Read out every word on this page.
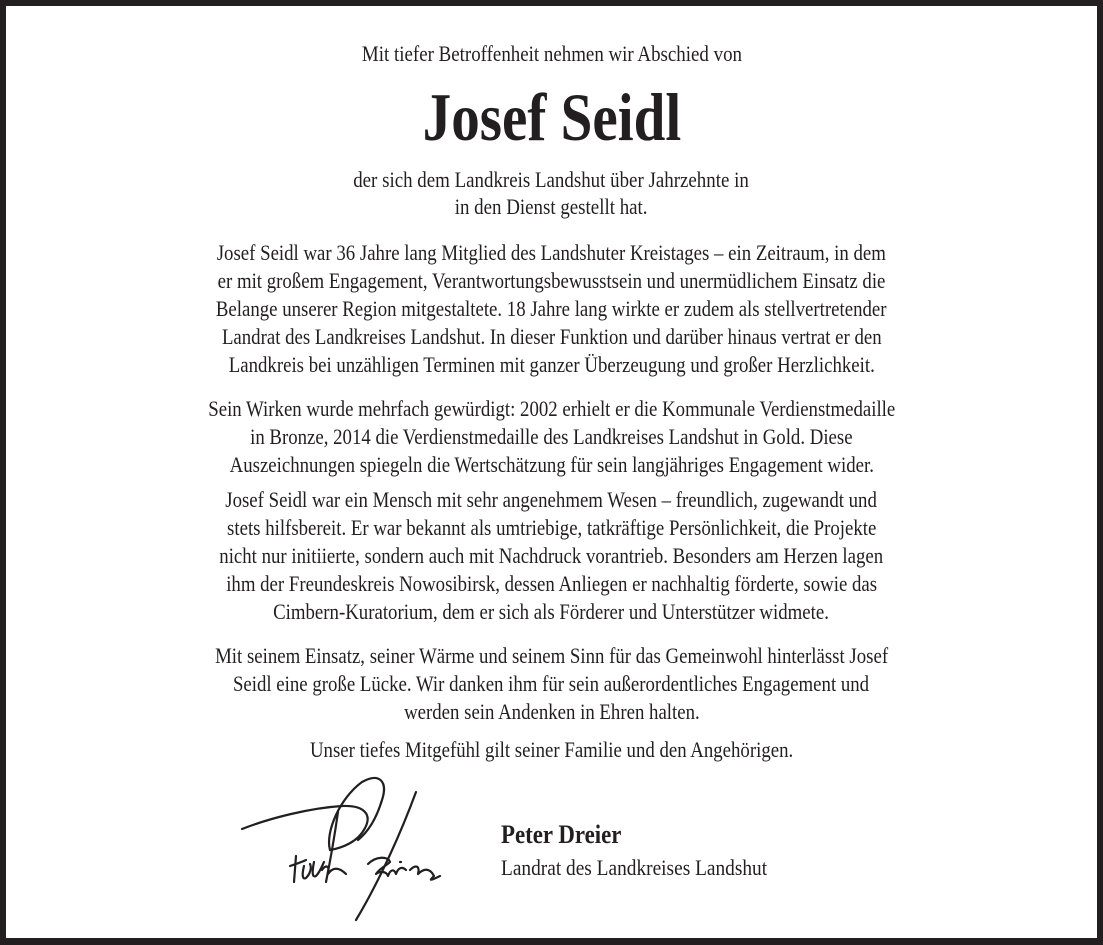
Mit tiefer Betroffenheit nehmen wir Abschied von
Josef Seidl
der sich dem Landkreis Landshut über Jahrzehnte in
in den Dienst gestellt hat.
Josef Seidl war 36 Jahre lang Mitglied des Landshuter Kreistages – ein Zeitraum, in dem
er mit großem Engagement, Verantwortungsbewusstsein und unermüdlichem Einsatz die
Belange unserer Region mitgestaltete. 18 Jahre lang wirkte er zudem als stellvertretender
Landrat des Landkreises Landshut. In dieser Funktion und darüber hinaus vertrat er den
Landkreis bei unzähligen Terminen mit ganzer Überzeugung und großer Herzlichkeit.
Sein Wirken wurde mehrfach gewürdigt: 2002 erhielt er die Kommunale Verdienstmedaille
in Bronze, 2014 die Verdienstmedaille des Landkreises Landshut in Gold. Diese
Auszeichnungen spiegeln die Wertschätzung für sein langjähriges Engagement wider.
Josef Seidl war ein Mensch mit sehr angenehmem Wesen – freundlich, zugewandt und
stets hilfsbereit. Er war bekannt als umtriebige, tatkräftige Persönlichkeit, die Projekte
nicht nur initiierte, sondern auch mit Nachdruck vorantrieb. Besonders am Herzen lagen
ihm der Freundeskreis Nowosibirsk, dessen Anliegen er nachhaltig förderte, sowie das
Cimbern-Kuratorium, dem er sich als Förderer und Unterstützer widmete.
Mit seinem Einsatz, seiner Wärme und seinem Sinn für das Gemeinwohl hinterlässt Josef
Seidl eine große Lücke. Wir danken ihm für sein außerordentliches Engagement und
werden sein Andenken in Ehren halten.
Unser tiefes Mitgefühl gilt seiner Familie und den Angehörigen.
Peter Dreier
Landrat des Landkreises Landshut
